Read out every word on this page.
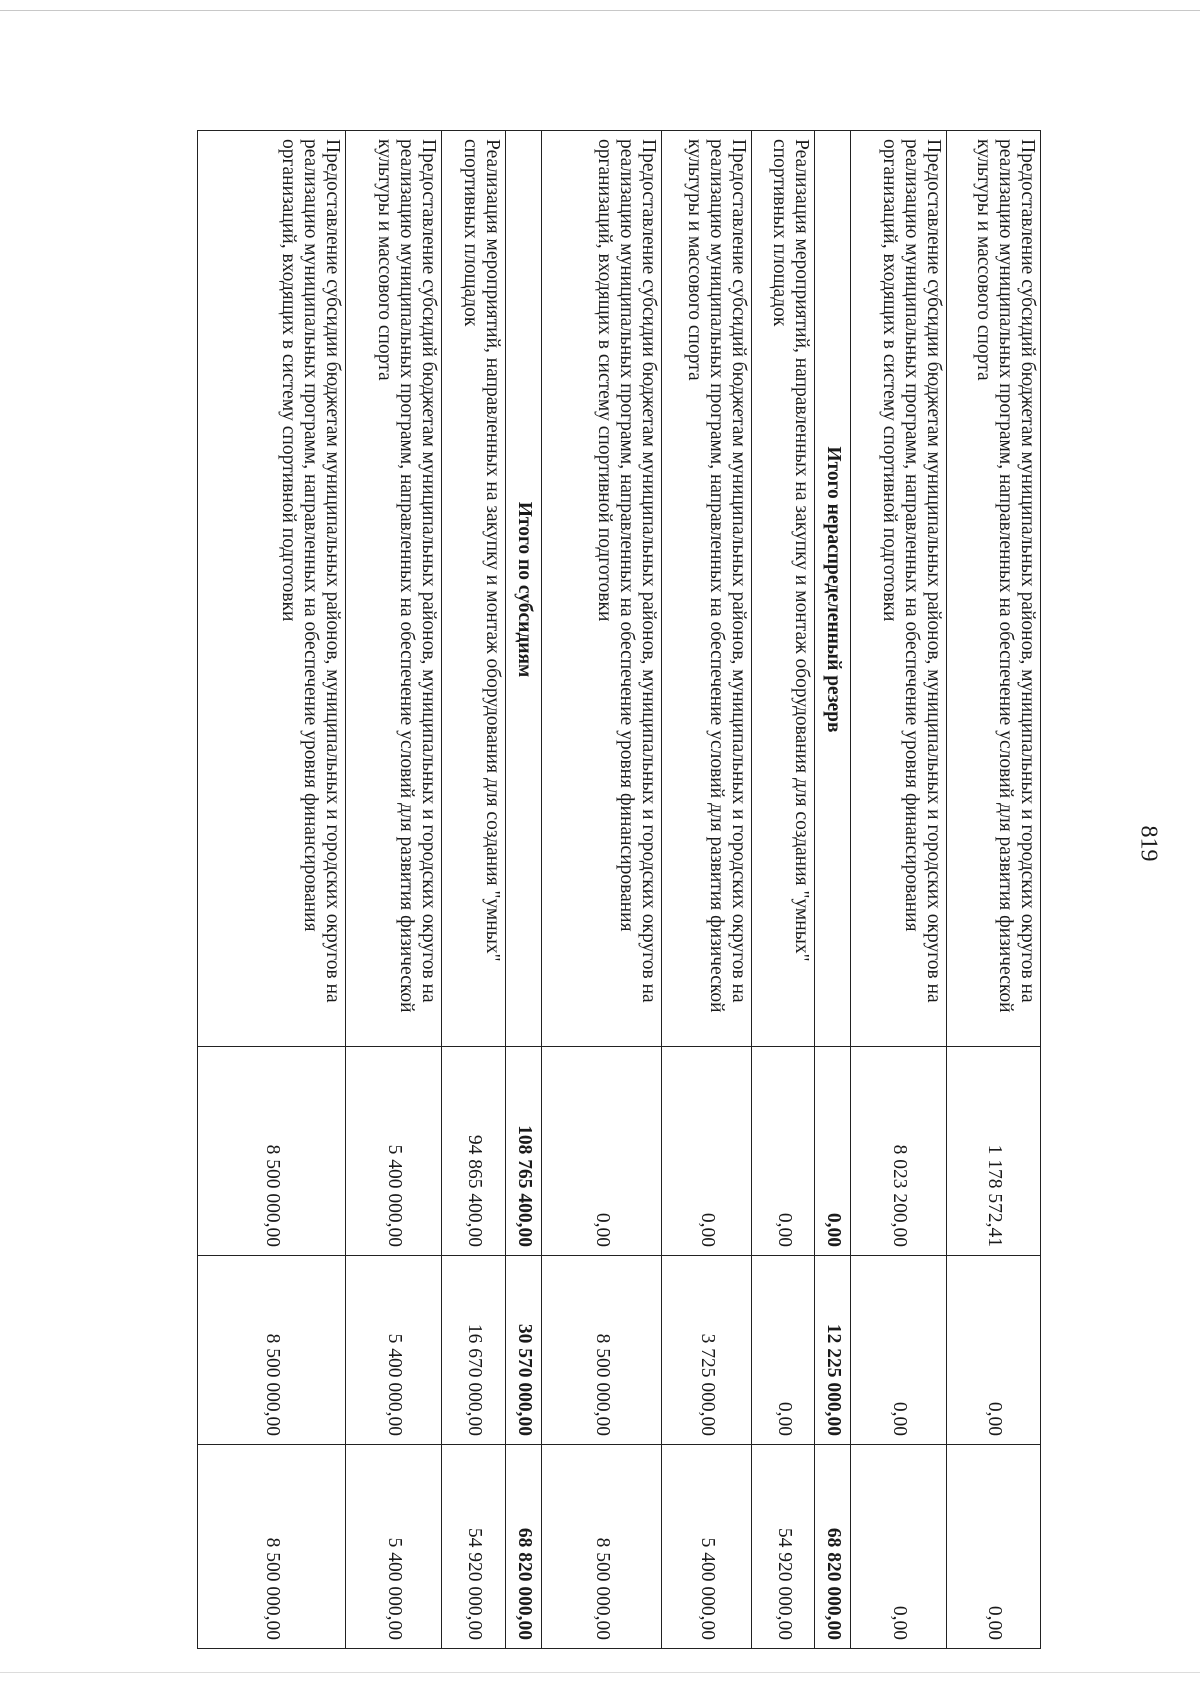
819
Предоставление субсидий бюджетам муниципальных районов, муниципальных и городских округов на реализацию муниципальных программ, направленных на обеспечение условий для развития физической культуры и массового спорта	1 178 572,41	0,00	0,00
Предоставление субсидии бюджетам муниципальных районов, муниципальных и городских округов на реализацию муниципальных программ, направленных на обеспечение уровня финансирования организаций, входящих в систему спортивной подготовки	8 023 200,00	0,00	0,00
Итого нераспределенный резерв	0,00	12 225 000,00	68 820 000,00
Реализация мероприятий, направленных на закупку и монтаж оборудования для создания "умных" спортивных площадок	0,00	0,00	54 920 000,00
Предоставление субсидий бюджетам муниципальных районов, муниципальных и городских округов на реализацию муниципальных программ, направленных на обеспечение условий для развития физической культуры и массового спорта	0,00	3 725 000,00	5 400 000,00
Предоставление субсидии бюджетам муниципальных районов, муниципальных и городских округов на реализацию муниципальных программ, направленных на обеспечение уровня финансирования организаций, входящих в систему спортивной подготовки	0,00	8 500 000,00	8 500 000,00
Итого по субсидиям	108 765 400,00	30 570 000,00	68 820 000,00
Реализация мероприятий, направленных на закупку и монтаж оборудования для создания "умных" спортивных площадок	94 865 400,00	16 670 000,00	54 920 000,00
Предоставление субсидий бюджетам муниципальных районов, муниципальных и городских округов на реализацию муниципальных программ, направленных на обеспечение условий для развития физической культуры и массового спорта	5 400 000,00	5 400 000,00	5 400 000,00
Предоставление субсидии бюджетам муниципальных районов, муниципальных и городских округов на реализацию муниципальных программ, направленных на обеспечение уровня финансирования организаций, входящих в систему спортивной подготовки	8 500 000,00	8 500 000,00	8 500 000,00
